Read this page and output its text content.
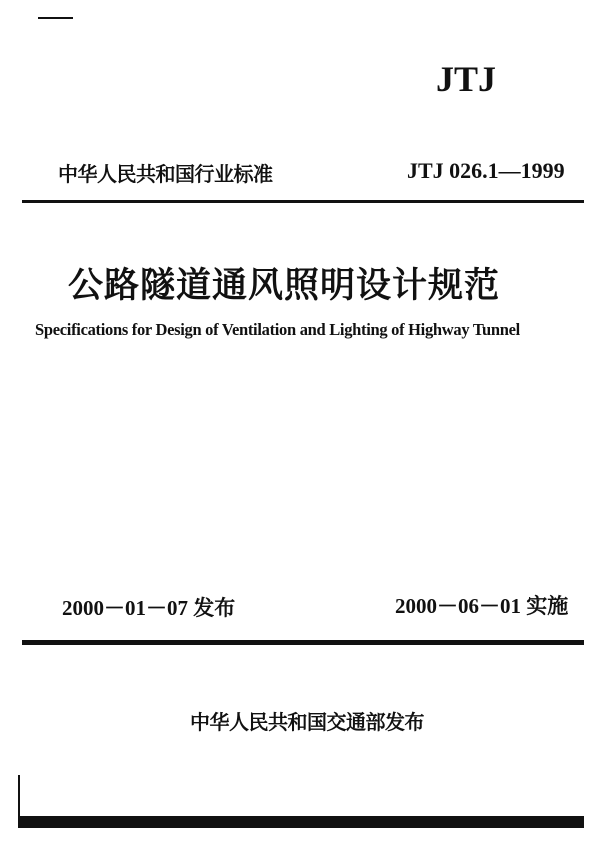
JTJ
中华人民共和国行业标准	JTJ 026.1—1999
公路隧道通风照明设计规范
Specifications for Design of Ventilation and Lighting of Highway Tunnel
2000－01－07 发布	2000－06－01 实施
中华人民共和国交通部发布
